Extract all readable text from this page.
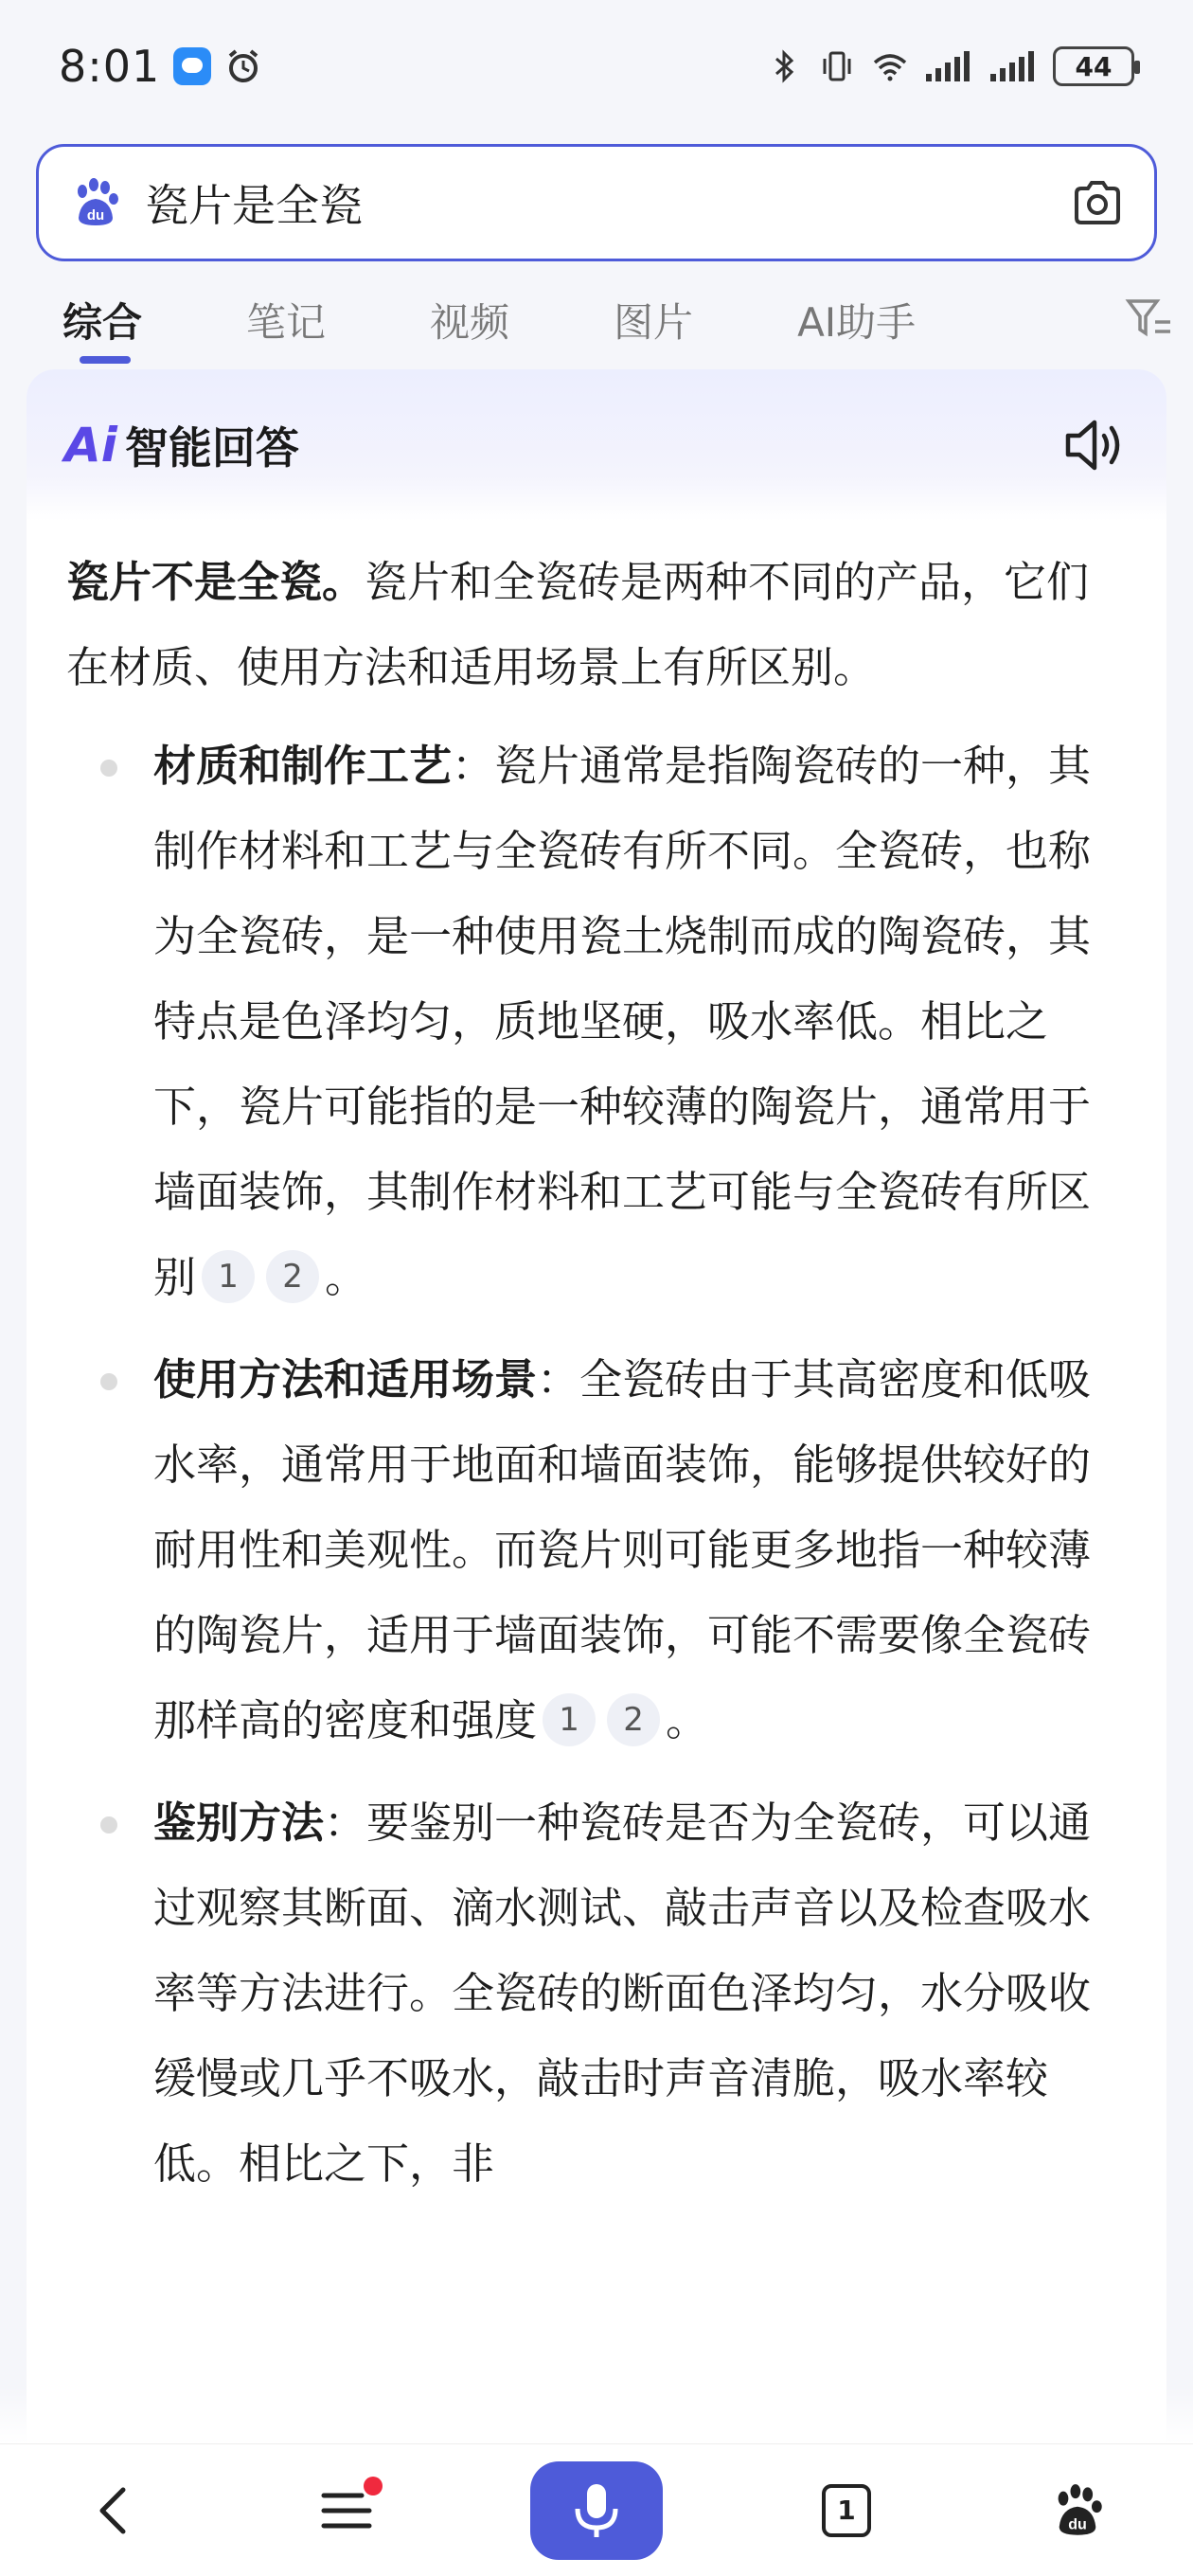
8:01	44
du
瓷片是全瓷
综合	笔记	视频	图片	AI助手
Ai 智能回答

瓷片不是全瓷。瓷片和全瓷砖是两种不同的产品，它们在材质、使用方法和适用场景上有所区别。

材质和制作工艺：瓷片通常是指陶瓷砖的一种，其制作材料和工艺与全瓷砖有所不同。全瓷砖，也称为全瓷砖，是一种使用瓷土烧制而成的陶瓷砖，其特点是色泽均匀，质地坚硬，吸水率低。相比之下，瓷片可能指的是一种较薄的陶瓷片，通常用于墙面装饰，其制作材料和工艺可能与全瓷砖有所区别 1 2 。
使用方法和适用场景：全瓷砖由于其高密度和低吸水率，通常用于地面和墙面装饰，能够提供较好的耐用性和美观性。而瓷片则可能更多地指一种较薄的陶瓷片，适用于墙面装饰，可能不需要像全瓷砖那样高的密度和强度 1 2 。
鉴别方法：要鉴别一种瓷砖是否为全瓷砖，可以通过观察其断面、滴水测试、敲击声音以及检查吸水率等方法进行。全瓷砖的断面色泽均匀，水分吸收缓慢或几乎不吸水，敲击时声音清脆，吸水率较低。相比之下，非
1	du
